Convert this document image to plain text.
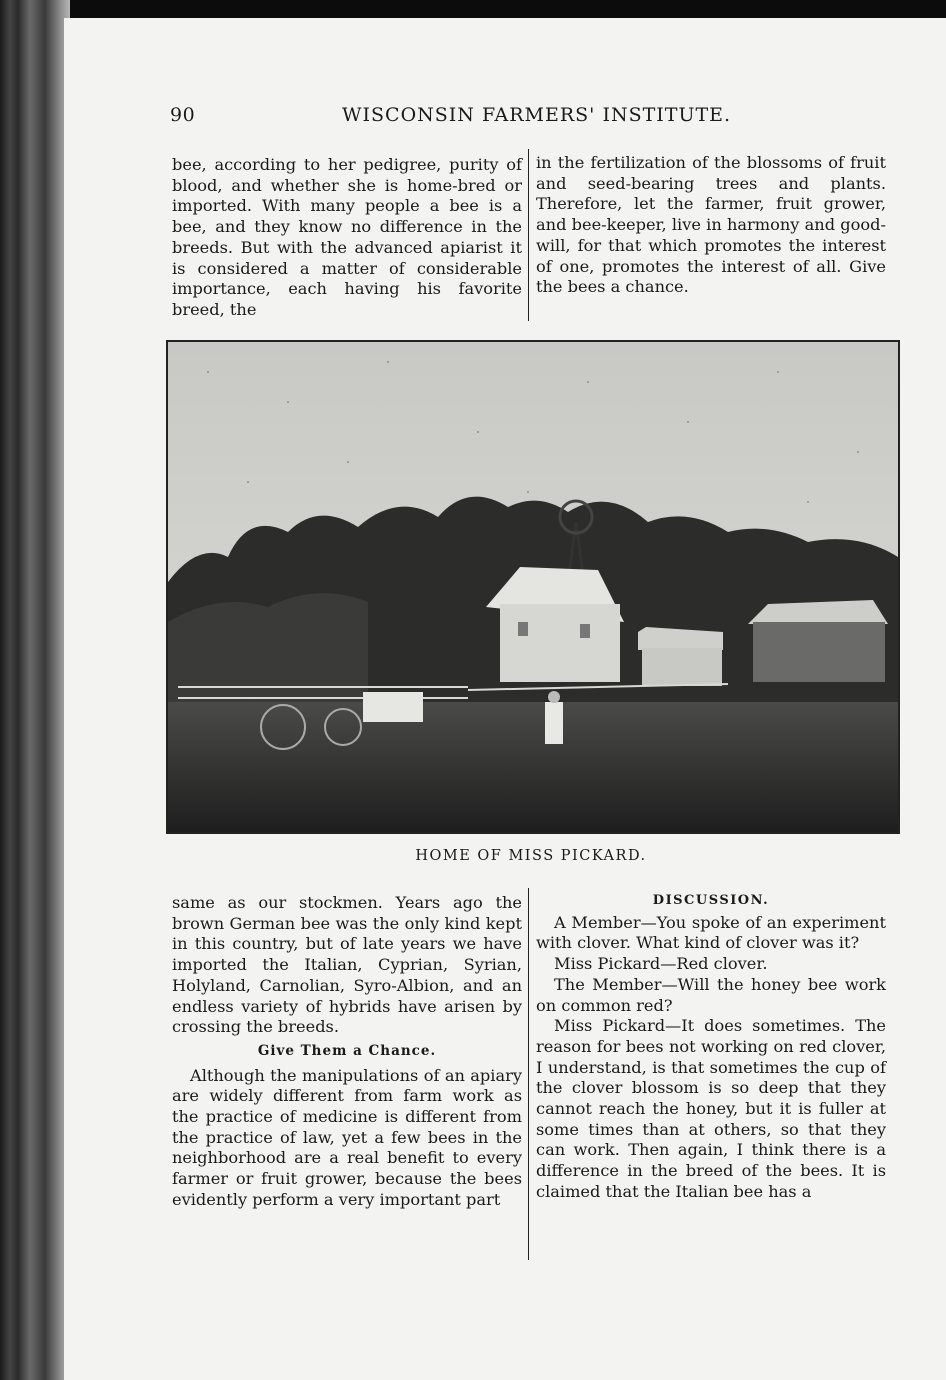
90	WISCONSIN FARMERS' INSTITUTE.

bee, according to her pedigree, purity of blood, and whether she is home-bred or imported. With many people a bee is a bee, and they know no difference in the breeds. But with the advanced apiarist it is considered a matter of considerable importance, each having his favorite breed, the

in the fertilization of the blossoms of fruit and seed-bearing trees and plants. Therefore, let the farmer, fruit grower, and bee-keeper, live in harmony and good-will, for that which promotes the interest of one, promotes the interest of all. Give the bees a chance.

HOME OF MISS PICKARD.

same as our stockmen. Years ago the brown German bee was the only kind kept in this country, but of late years we have imported the Italian, Cyprian, Syrian, Holyland, Carnolian, Syro-Albion, and an endless variety of hybrids have arisen by crossing the breeds.

Give Them a Chance.

Although the manipulations of an apiary are widely different from farm work as the practice of medicine is different from the practice of law, yet a few bees in the neighborhood are a real benefit to every farmer or fruit grower, because the bees evidently perform a very important part

DISCUSSION.

A Member—You spoke of an experiment with clover. What kind of clover was it?

Miss Pickard—Red clover.

The Member—Will the honey bee work on common red?

Miss Pickard—It does sometimes. The reason for bees not working on red clover, I understand, is that sometimes the cup of the clover blossom is so deep that they cannot reach the honey, but it is fuller at some times than at others, so that they can work. Then again, I think there is a difference in the breed of the bees. It is claimed that the Italian bee has a
